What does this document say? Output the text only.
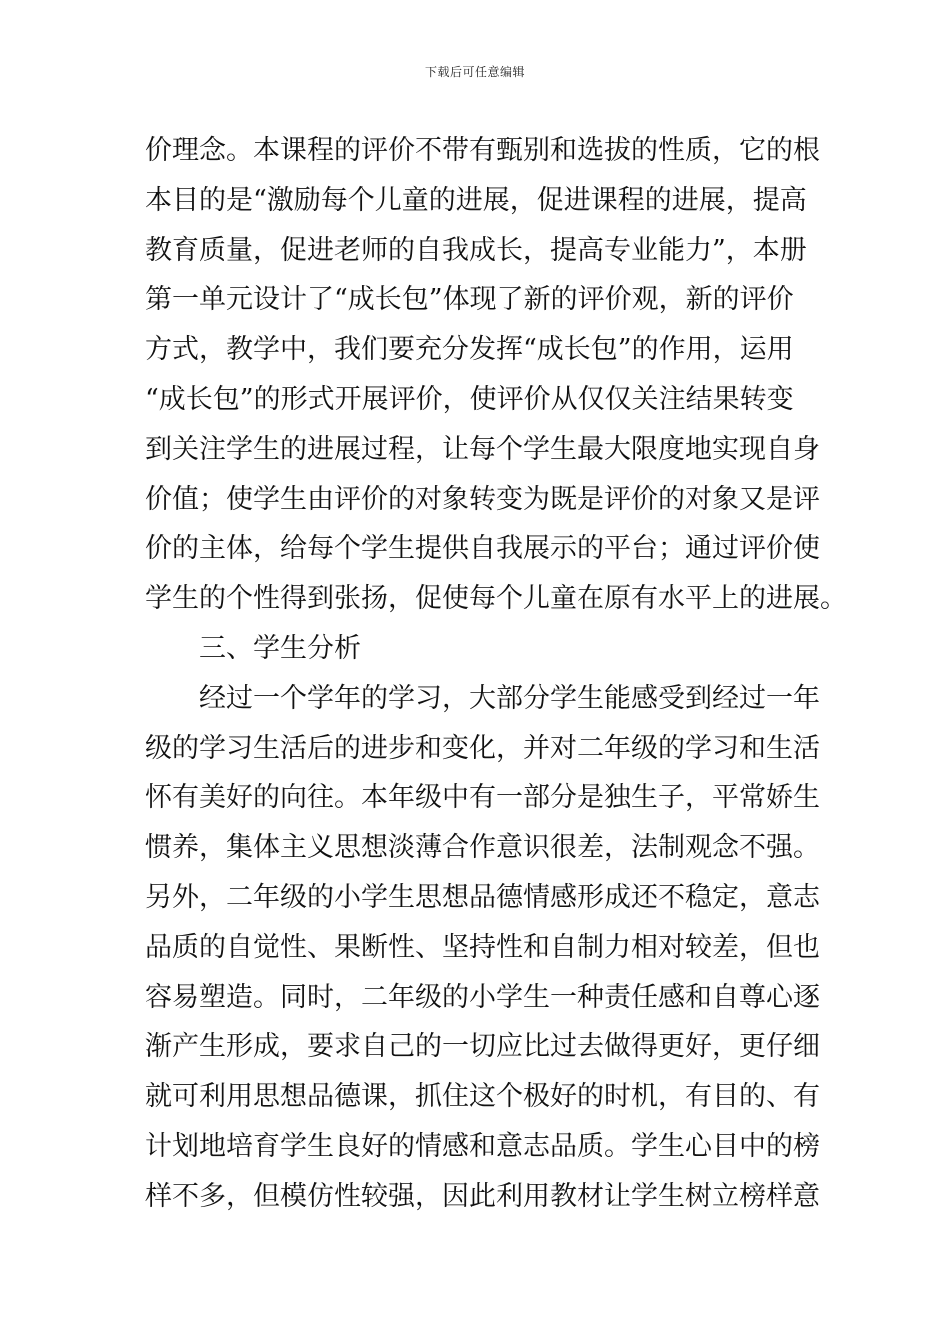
下载后可任意编辑
价理念。本课程的评价不带有甄别和选拔的性质，它的根
本目的是“激励每个儿童的进展，促进课程的进展，提高
教育质量，促进老师的自我成长，提高专业能力”，本册
第一单元设计了“成长包”体现了新的评价观，新的评价
方式，教学中，我们要充分发挥“成长包”的作用，运用
“成长包”的形式开展评价，使评价从仅仅关注结果转变
到关注学生的进展过程，让每个学生最大限度地实现自身
价值；使学生由评价的对象转变为既是评价的对象又是评
价的主体，给每个学生提供自我展示的平台；通过评价使
学生的个性得到张扬，促使每个儿童在原有水平上的进展。
三、学生分析
经过一个学年的学习，大部分学生能感受到经过一年
级的学习生活后的进步和变化，并对二年级的学习和生活
怀有美好的向往。本年级中有一部分是独生子，平常娇生
惯养，集体主义思想淡薄合作意识很差，法制观念不强。
另外，二年级的小学生思想品德情感形成还不稳定，意志
品质的自觉性、果断性、坚持性和自制力相对较差，但也
容易塑造。同时，二年级的小学生一种责任感和自尊心逐
渐产生形成，要求自己的一切应比过去做得更好，更仔细
就可利用思想品德课，抓住这个极好的时机，有目的、有
计划地培育学生良好的情感和意志品质。学生心目中的榜
样不多，但模仿性较强，因此利用教材让学生树立榜样意
